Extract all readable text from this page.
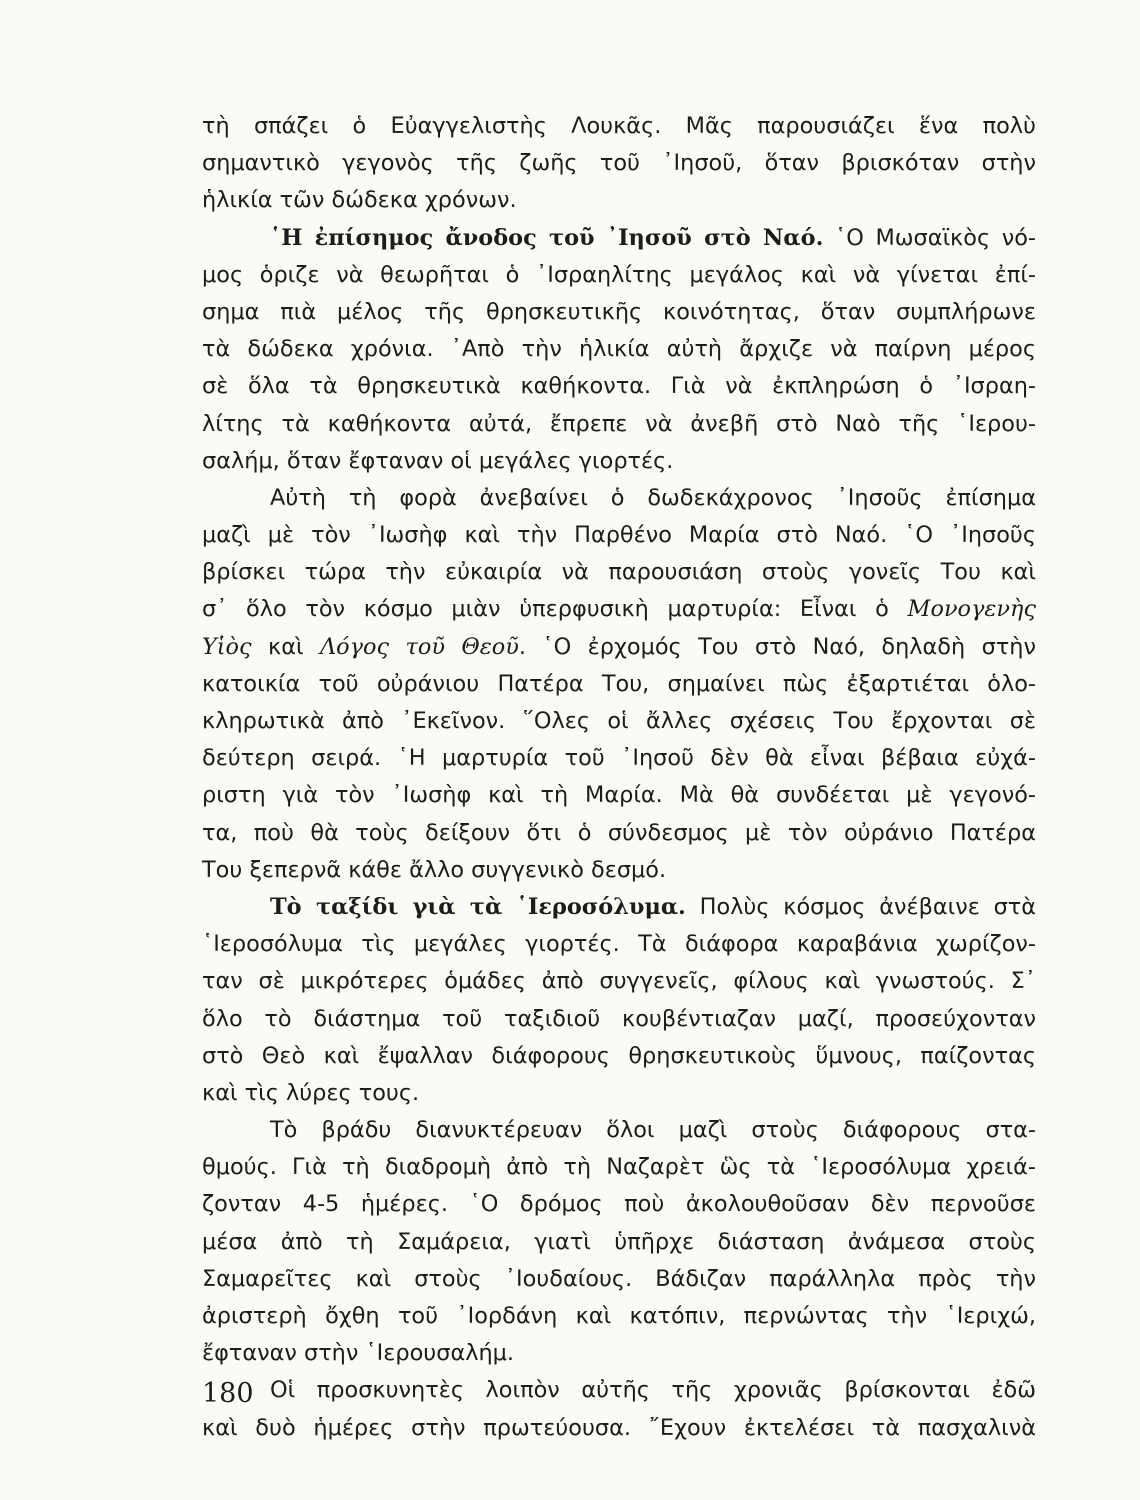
τὴ σπάζει ὁ Εὐαγγελιστὴς Λουκᾶς. Μᾶς παρουσιάζει ἕνα πολὺ
σημαντικὸ γεγονὸς τῆς ζωῆς τοῦ ᾿Ιησοῦ, ὅταν βρισκόταν στὴν
ἡλικία τῶν δώδεκα χρόνων.
῾Η ἐπίσημος ἄνοδος τοῦ ᾿Ιησοῦ στὸ Ναό. ῾Ο Μωσαϊκὸς νό-
μος ὁριζε νὰ θεωρῆται ὁ ᾿Ισραηλίτης μεγάλος καὶ νὰ γίνεται ἐπί-
σημα πιὰ μέλος τῆς θρησκευτικῆς κοινότητας, ὅταν συμπλήρωνε
τὰ δώδεκα χρόνια. ᾿Απὸ τὴν ἡλικία αὐτὴ ἄρχιζε νὰ παίρνη μέρος
σὲ ὅλα τὰ θρησκευτικὰ καθήκοντα. Γιὰ νὰ ἐκπληρώση ὁ ᾿Ισραη-
λίτης τὰ καθήκοντα αὐτά, ἔπρεπε νὰ ἀνεβῆ στὸ Ναὸ τῆς ῾Ιερου-
σαλήμ, ὅταν ἔφταναν οἱ μεγάλες γιορτές.
Αὐτὴ τὴ φορὰ ἀνεβαίνει ὁ δωδεκάχρονος ᾿Ιησοῦς ἐπίσημα
μαζὶ μὲ τὸν ᾿Ιωσὴφ καὶ τὴν Παρθένο Μαρία στὸ Ναό. ῾Ο ᾿Ιησοῦς
βρίσκει τώρα τὴν εὐκαιρία νὰ παρουσιάση στοὺς γονεῖς Του καὶ
σ᾿ ὅλο τὸν κόσμο μιὰν ὑπερφυσικὴ μαρτυρία: Εἶναι ὁ Μονογενὴς
Υἱὸς καὶ Λόγος τοῦ Θεοῦ. ῾Ο ἐρχομός Του στὸ Ναό, δηλαδὴ στὴν
κατοικία τοῦ οὐράνιου Πατέρα Του, σημαίνει πὼς ἐξαρτιέται ὁλο-
κληρωτικὰ ἀπὸ ᾿Εκεῖνον. ῞Ολες οἱ ἄλλες σχέσεις Του ἔρχονται σὲ
δεύτερη σειρά. ῾Η μαρτυρία τοῦ ᾿Ιησοῦ δὲν θὰ εἶναι βέβαια εὐχά-
ριστη γιὰ τὸν ᾿Ιωσὴφ καὶ τὴ Μαρία. Μὰ θὰ συνδέεται μὲ γεγονό-
τα, ποὺ θὰ τοὺς δείξουν ὅτι ὁ σύνδεσμος μὲ τὸν οὐράνιο Πατέρα
Του ξεπερνᾶ κάθε ἄλλο συγγενικὸ δεσμό.
Τὸ ταξίδι γιὰ τὰ ῾Ιεροσόλυμα. Πολὺς κόσμος ἀνέβαινε στὰ
῾Ιεροσόλυμα τὶς μεγάλες γιορτές. Τὰ διάφορα καραβάνια χωρίζον-
ταν σὲ μικρότερες ὁμάδες ἀπὸ συγγενεῖς, φίλους καὶ γνωστούς. Σ᾿
ὅλο τὸ διάστημα τοῦ ταξιδιοῦ κουβέντιαζαν μαζί, προσεύχονταν
στὸ Θεὸ καὶ ἔψαλλαν διάφορους θρησκευτικοὺς ὕμνους, παίζοντας
καὶ τὶς λύρες τους.
Τὸ βράδυ διανυκτέρευαν ὅλοι μαζὶ στοὺς διάφορους στα-
θμούς. Γιὰ τὴ διαδρομὴ ἀπὸ τὴ Ναζαρὲτ ὣς τὰ ῾Ιεροσόλυμα χρειά-
ζονταν 4-5 ἡμέρες. ῾Ο δρόμος ποὺ ἀκολουθοῦσαν δὲν περνοῦσε
μέσα ἀπὸ τὴ Σαμάρεια, γιατὶ ὑπῆρχε διάσταση ἀνάμεσα στοὺς
Σαμαρεῖτες καὶ στοὺς ᾿Ιουδαίους. Βάδιζαν παράλληλα πρὸς τὴν
ἀριστερὴ ὄχθη τοῦ ᾿Ιορδάνη καὶ κατόπιν, περνώντας τὴν ῾Ιεριχώ,
ἔφταναν στὴν ῾Ιερουσαλήμ.
Οἱ προσκυνητὲς λοιπὸν αὐτῆς τῆς χρονιᾶς βρίσκονται ἐδῶ
καὶ δυὸ ἡμέρες στὴν πρωτεύουσα. ῎Εχουν ἐκτελέσει τὰ πασχαλινὰ
180
